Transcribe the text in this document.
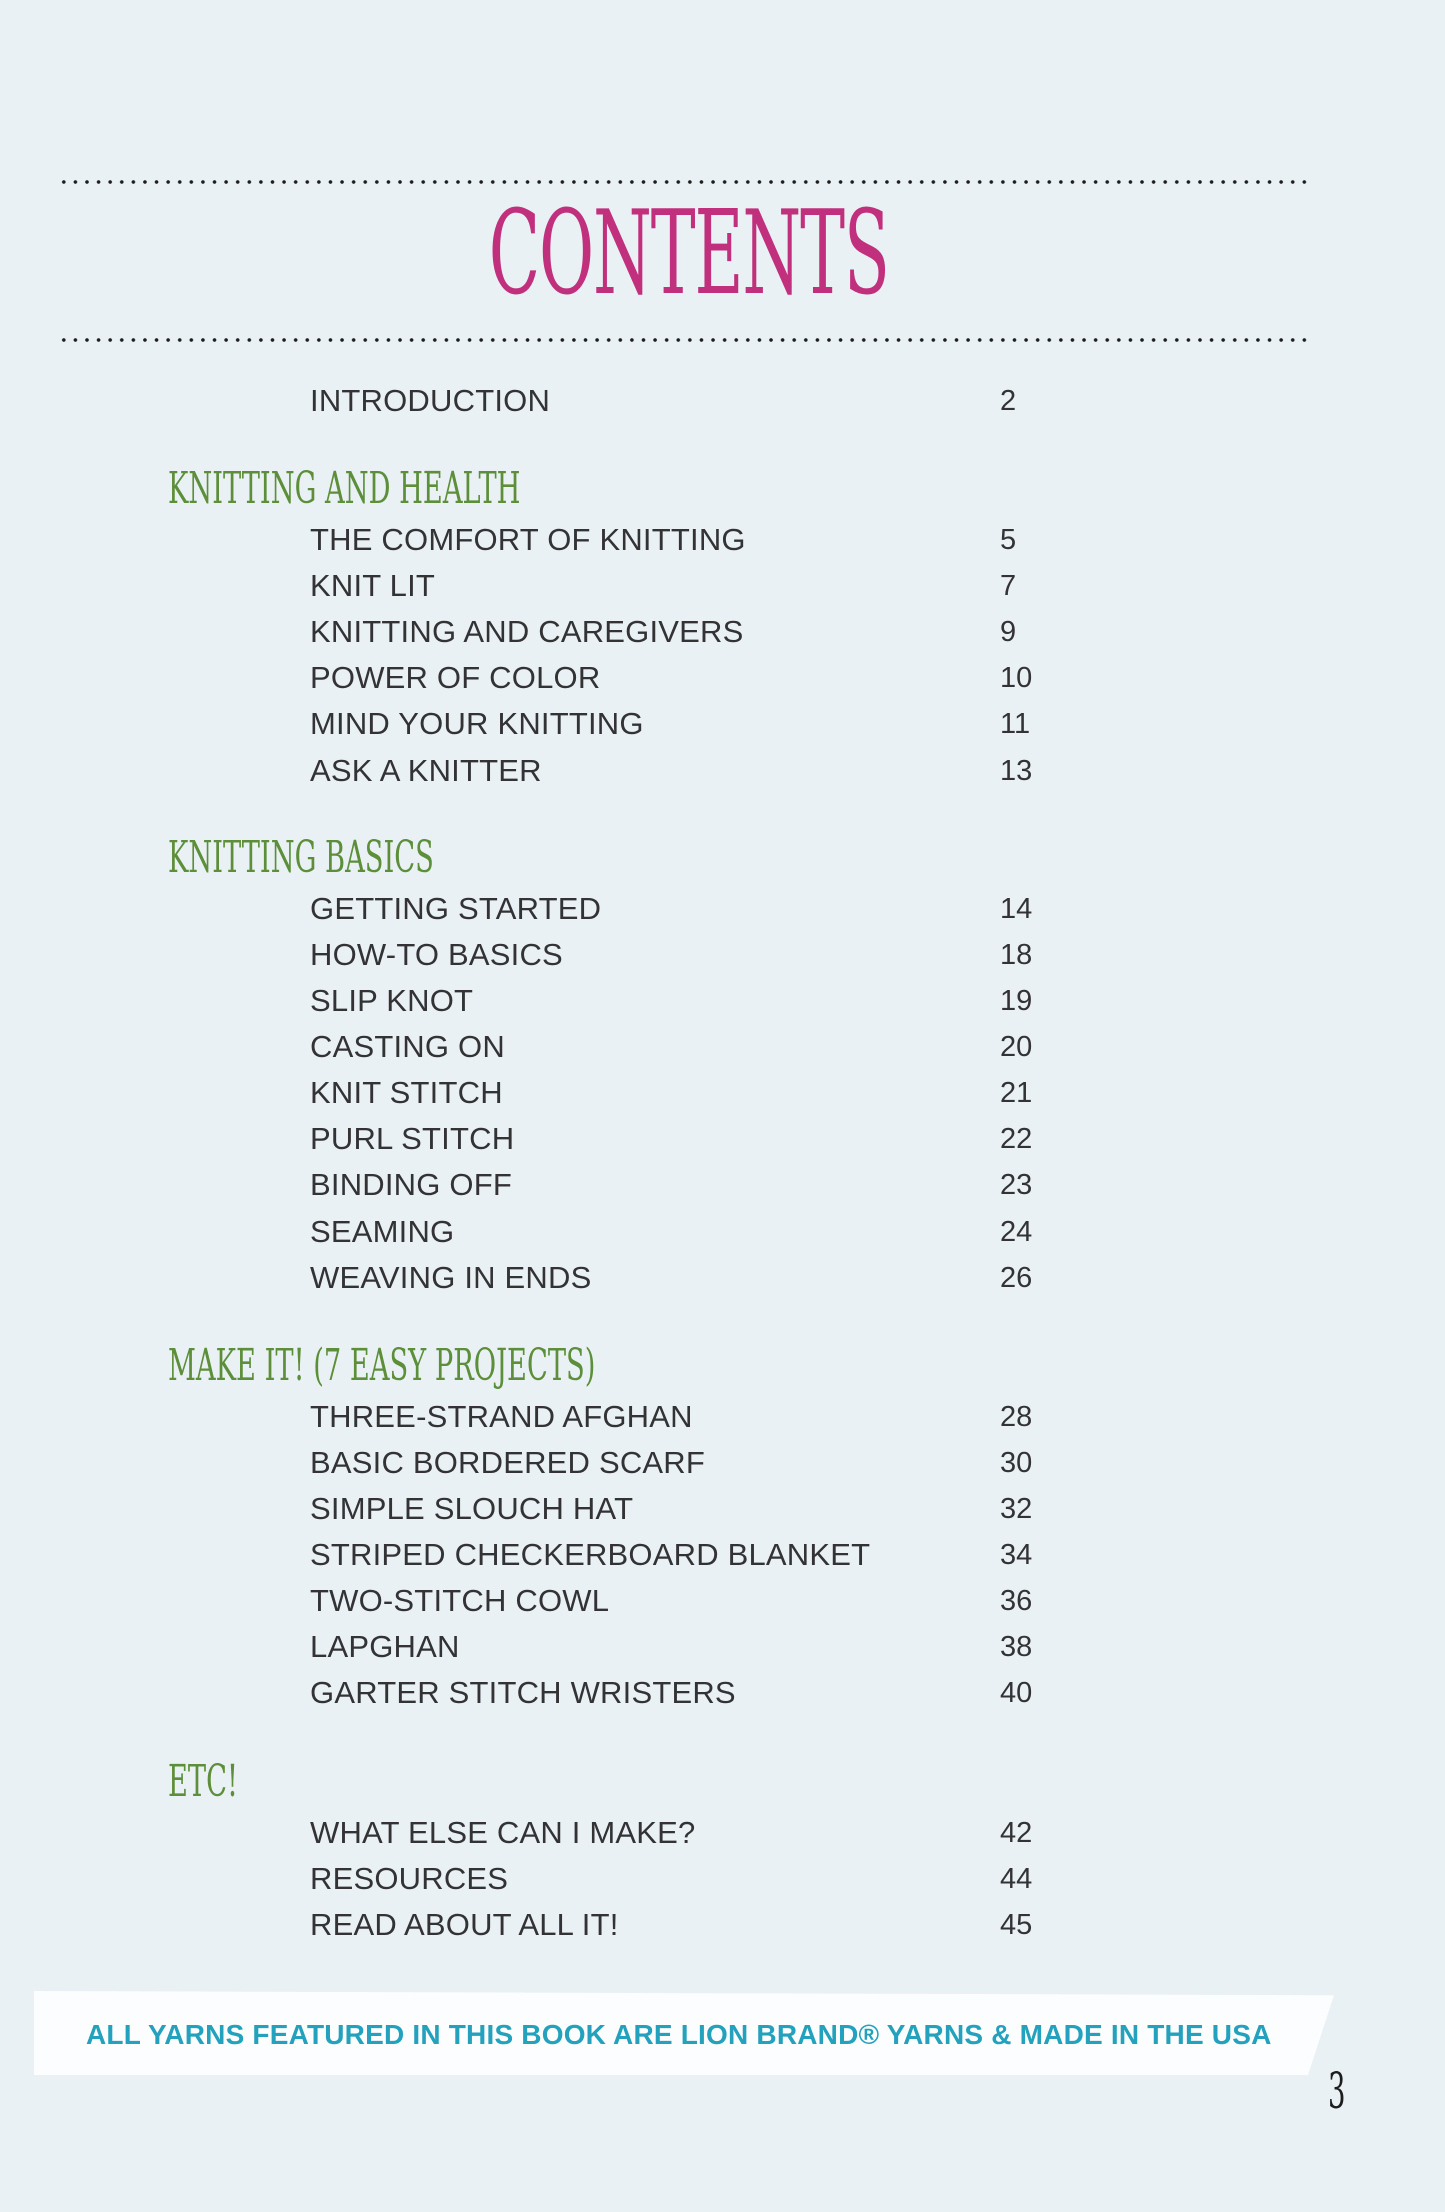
CONTENTS
INTRODUCTION	2
KNITTING AND HEALTH
THE COMFORT OF KNITTING	5
KNIT LIT	7
KNITTING AND CAREGIVERS	9
POWER OF COLOR	10
MIND YOUR KNITTING	11
ASK A KNITTER	13
KNITTING BASICS
GETTING STARTED	14
HOW-TO BASICS	18
SLIP KNOT	19
CASTING ON	20
KNIT STITCH	21
PURL STITCH	22
BINDING OFF	23
SEAMING	24
WEAVING IN ENDS	26
MAKE IT! (7 EASY PROJECTS)
THREE-STRAND AFGHAN	28
BASIC BORDERED SCARF	30
SIMPLE SLOUCH HAT	32
STRIPED CHECKERBOARD BLANKET	34
TWO-STITCH COWL	36
LAPGHAN	38
GARTER STITCH WRISTERS	40
ETC!
WHAT ELSE CAN I MAKE?	42
RESOURCES	44
READ ABOUT ALL IT!	45
ALL YARNS FEATURED IN THIS BOOK ARE LION BRAND® YARNS & MADE IN THE USA
3
